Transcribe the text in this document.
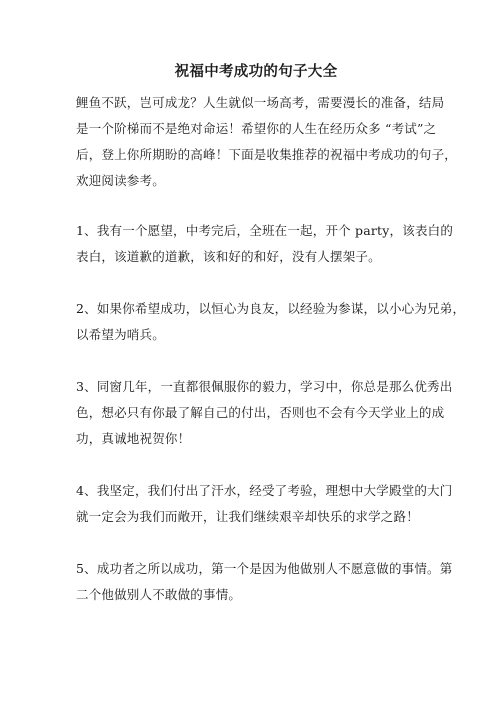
祝福中考成功的句子大全
鲤鱼不跃，岂可成龙？人生就似一场高考，需要漫长的准备，结局
是一个阶梯而不是绝对命运！希望你的人生在经历众多 “考试”之
后，登上你所期盼的高峰！下面是收集推荐的祝福中考成功的句子，
欢迎阅读参考。
1、我有一个愿望，中考完后，全班在一起，开个 party，该表白的
表白，该道歉的道歉，该和好的和好，没有人摆架子。
2、如果你希望成功，以恒心为良友，以经验为参谋，以小心为兄弟，
以希望为哨兵。
3、同窗几年，一直都很佩服你的毅力，学习中，你总是那么优秀出
色，想必只有你最了解自己的付出，否则也不会有今天学业上的成
功，真诚地祝贺你！
4、我坚定，我们付出了汗水，经受了考验，理想中大学殿堂的大门
就一定会为我们而敞开，让我们继续艰辛却快乐的求学之路！
5、成功者之所以成功，第一个是因为他做别人不愿意做的事情。第
二个他做别人不敢做的事情。
